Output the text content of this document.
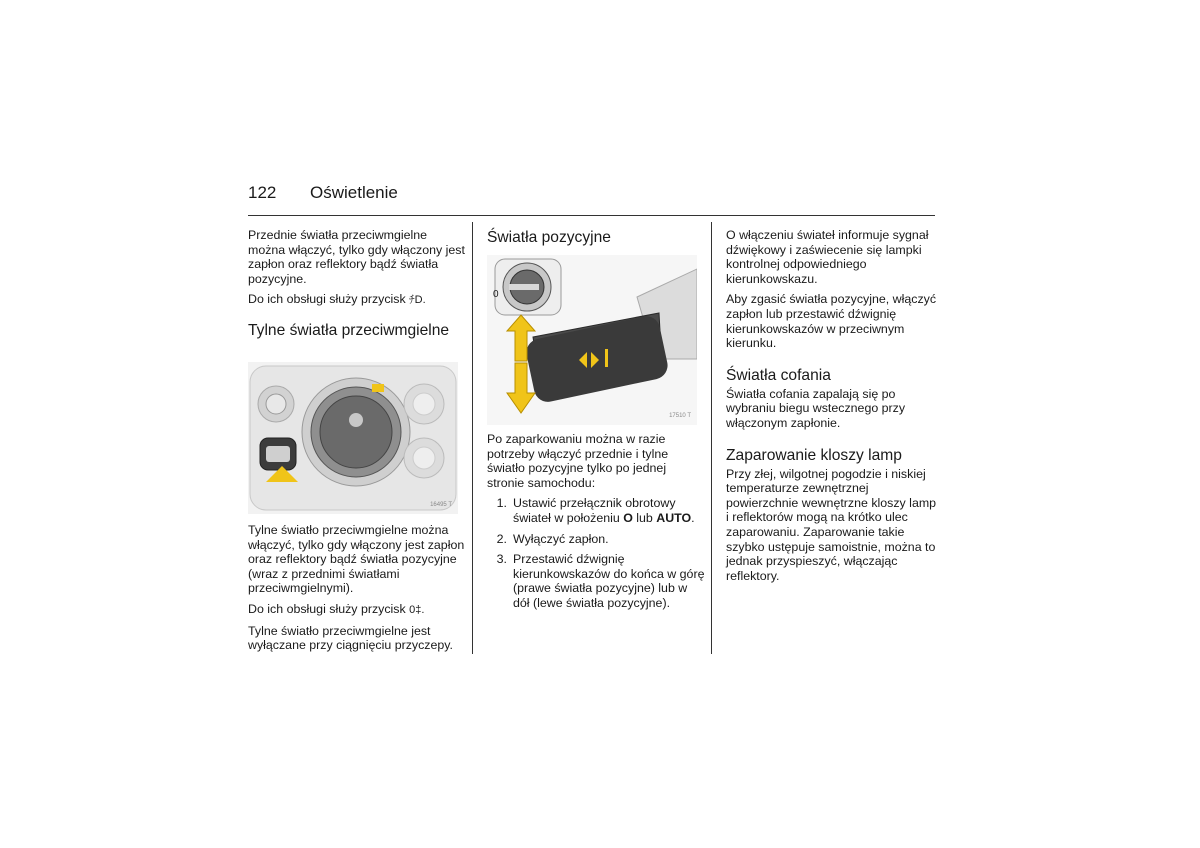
122 Oświetlenie

Przednie światła przeciwmgielne można włączyć, tylko gdy włączony jest zapłon oraz reflektory bądź światła pozycyjne.

Do ich obsługi służy przycisk ﾁD.

Tylne światła przeciwmgielne
16495 T

Tylne światło przeciwmgielne można włączyć, tylko gdy włączony jest zapłon oraz reflektory bądź światła pozycyjne (wraz z przednimi światłami przeciwmgielnymi).

Do ich obsługi służy przycisk 0‡.

Tylne światło przeciwmgielne jest wyłączane przy ciągnięciu przyczepy.

Światła pozycyjne
0
17510 T

Po zaparkowaniu można w razie potrzeby włączyć przednie i tylne światło pozycyjne tylko po jednej stronie samochodu:

1. Ustawić przełącznik obrotowy
świateł w położeniu O lub AUTO.
2. Wyłączyć zapłon.
3. Przestawić dźwignię kierunkowskazów do końca w górę (prawe światła pozycyjne) lub w dół (lewe światła pozycyjne).

O włączeniu świateł informuje sygnał dźwiękowy i zaświecenie się lampki kontrolnej odpowiedniego kierunkowskazu.

Aby zgasić światła pozycyjne, włączyć zapłon lub przestawić dźwignię kierunkowskazów w przeciwnym kierunku.

Światła cofania

Światła cofania zapalają się po wybraniu biegu wstecznego przy włączonym zapłonie.

Zaparowanie kloszy lamp

Przy złej, wilgotnej pogodzie i niskiej temperaturze zewnętrznej powierzchnie wewnętrzne kloszy lamp i reflektorów mogą na krótko ulec zaparowaniu. Zaparowanie takie szybko ustępuje samoistnie, można to jednak przyspieszyć, włączając reflektory.
